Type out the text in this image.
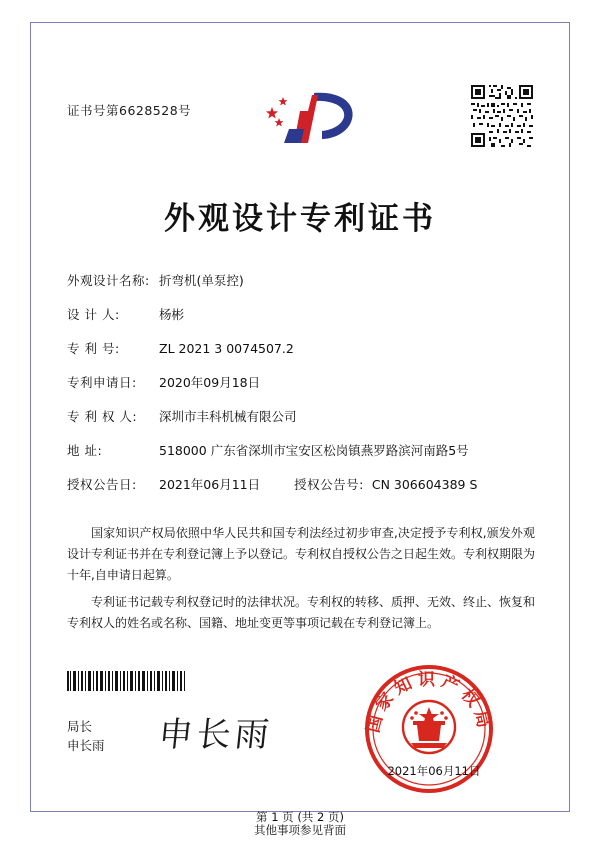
证书号第6628528号
外观设计专利证书
外观设计名称: 折弯机(单泵控)
设 计 人:	杨彬
专 利 号:	ZL 2021 3 0074507.2
专利申请日: 2020年09月18日
专 利 权 人: 深圳市丰科机械有限公司
地 址:	518000 广东省深圳市宝安区松岗镇燕罗路滨河南路5号
授权公告日: 2021年06月11日	授权公告号: CN 306604389 S

国家知识产权局依照中华人民共和国专利法经过初步审查,决定授予专利权,颁发外观设计专利证书并在专利登记簿上予以登记。专利权自授权公告之日起生效。专利权期限为十年,自申请日起算。

专利证书记载专利权登记时的法律状况。专利权的转移、质押、无效、终止、恢复和专利权人的姓名或名称、国籍、地址变更等事项记载在专利登记簿上。

局长
申长雨 申长雨	国家知识产权局
2021年06月11日
第 1 页 (共 2 页)
其他事项参见背面
